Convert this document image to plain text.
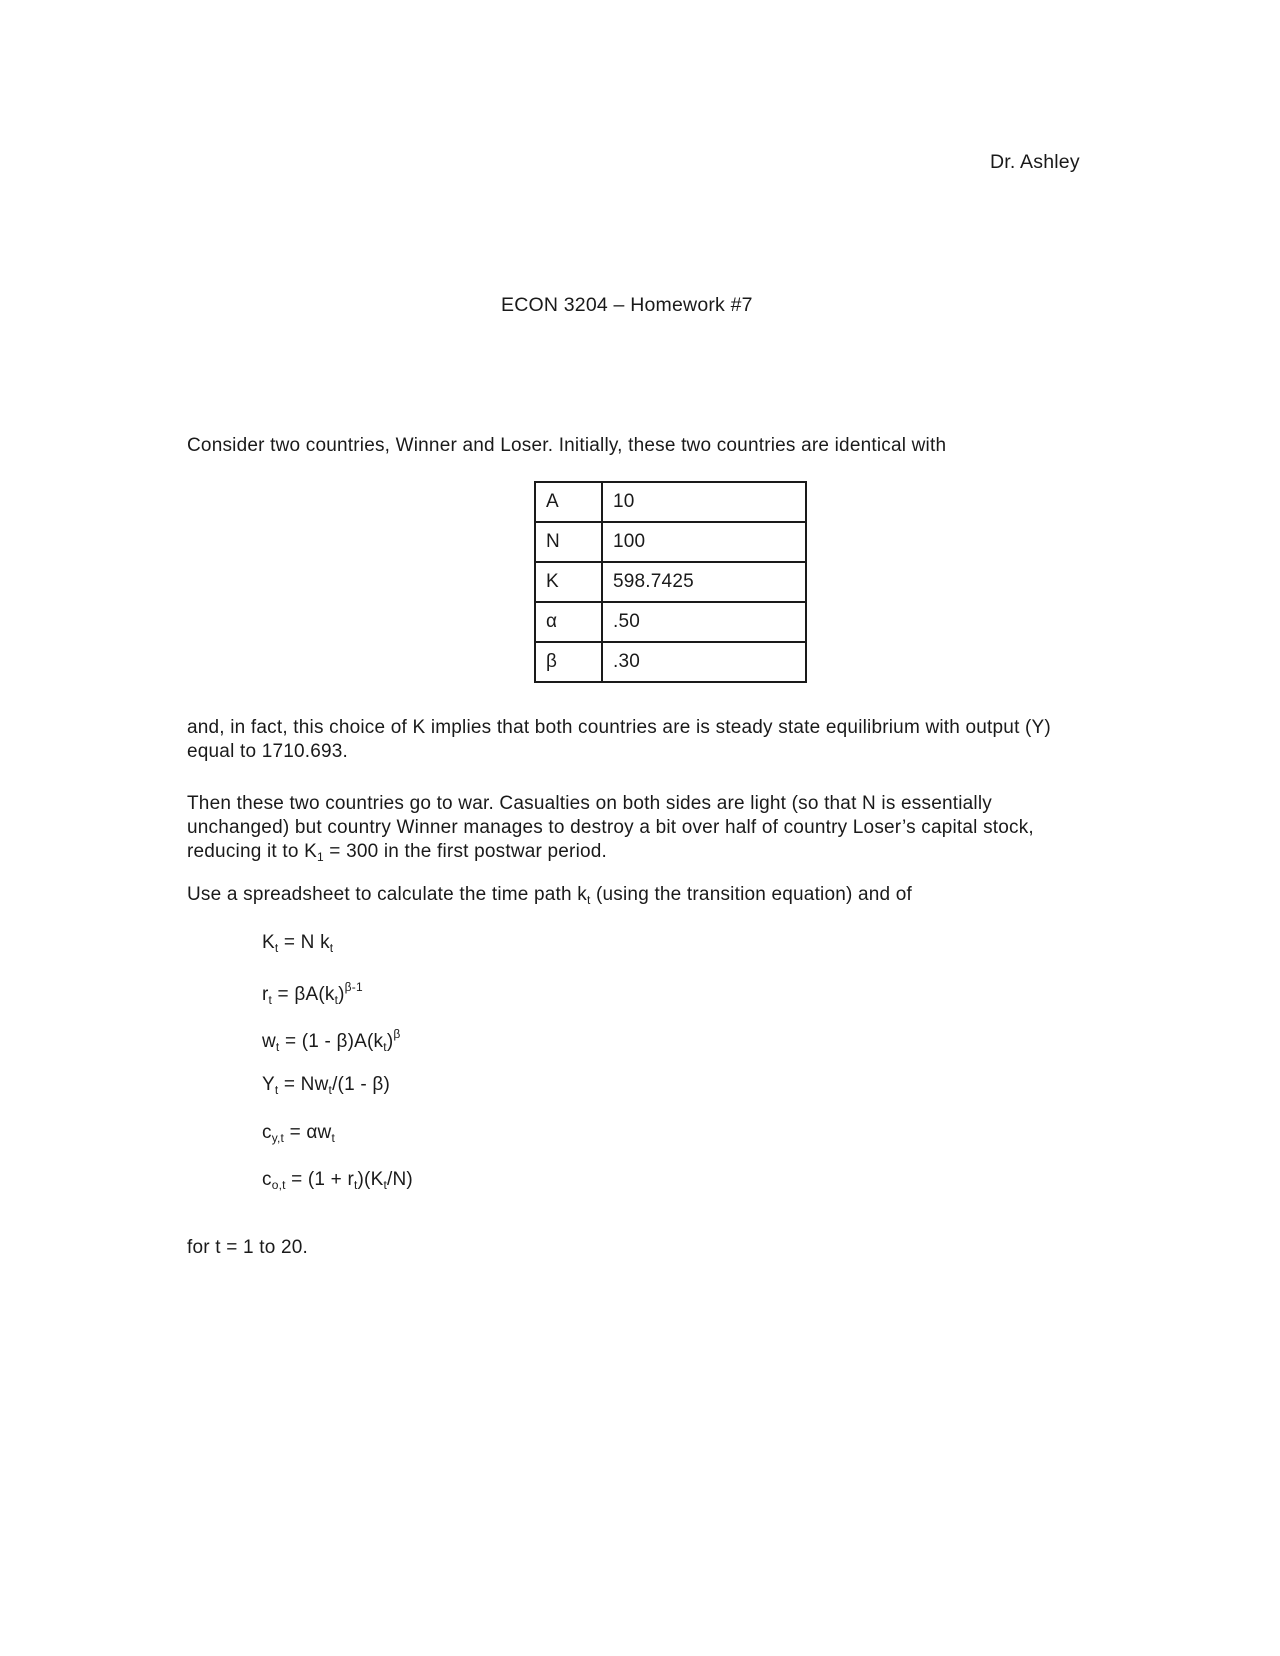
Dr. Ashley
ECON 3204 – Homework #7

Consider two countries, Winner and Loser. Initially, these two countries are identical with

A	10
N	100
K	598.7425
α	.50
β	.30

and, in fact, this choice of K implies that both countries are is steady state equilibrium with output (Y) equal to 1710.693.

Then these two countries go to war. Casualties on both sides are light (so that N is essentially unchanged) but country Winner manages to destroy a bit over half of country Loser’s capital stock, reducing it to $K_1 = 300$ in the first postwar period.

Use a spreadsheet to calculate the time path $k_t$ (using the transition equation) and of

$K_t = N$ $k_t$
$r_t = \beta A(k_t)^{\beta-1}$
$w_t = (1 - \beta)A(k_t)^\beta$
$Y_t = Nw_t/(1 - \beta)$
$c_{y,t} = \alpha w_t$
$c_{o,t} = (1 + r_t)(K_t/N)$

for t = 1 to 20.
